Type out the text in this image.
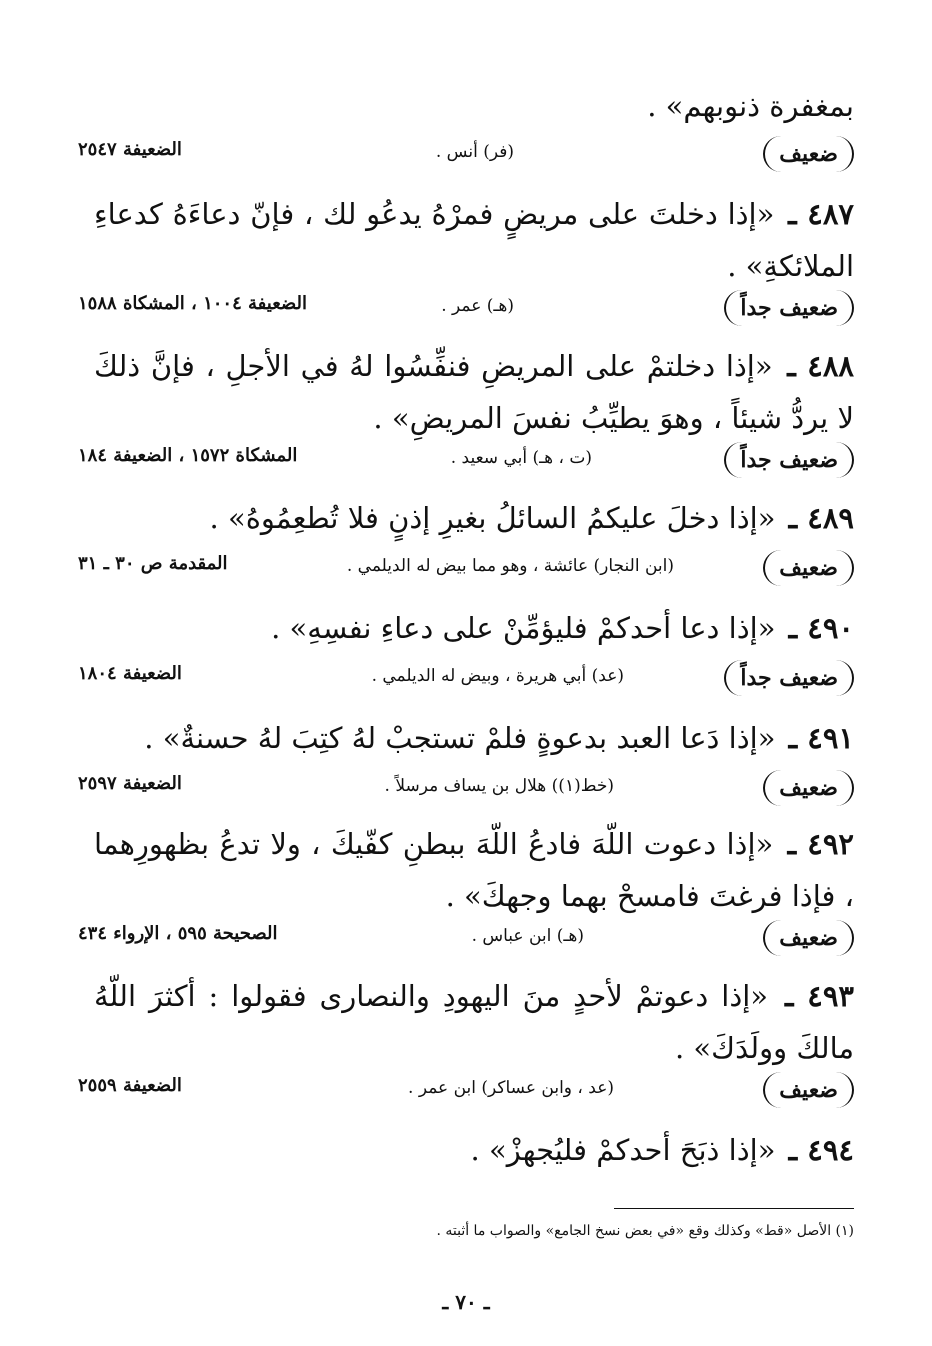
بمغفرة ذنوبهم» .
ضعيف
(فر) أنس .
الضعيفة ٢٥٤٧
٤٨٧ ـ «إذا دخلتَ على مريضٍ فمرْهُ يدعُو لك ، فإنّ دعاءَهُ كدعاءِ الملائكةِ» .
ضعيف جداً
(هـ) عمر .
الضعيفة ١٠٠٤ ، المشكاة ١٥٨٨
٤٨٨ ـ «إذا دخلتمْ على المريضِ فنفِّسُوا لهُ في الأجلِ ، فإنَّ ذلكَ لا يردُّ شيئاً ، وهوَ يطيِّبُ نفسَ المريضِ» .
ضعيف جداً
(ت ، هـ) أبي سعيد .
المشكاة ١٥٧٢ ، الضعيفة ١٨٤
٤٨٩ ـ «إذا دخلَ عليكمُ السائلُ بغيرِ إذنٍ فلا تُطعِمُوهُ» .
ضعيف
(ابن النجار) عائشة ، وهو مما بيض له الديلمي .
المقدمة ص ٣٠ ـ ٣١
٤٩٠ ـ «إذا دعا أحدكمْ فليؤمِّنْ على دعاءِ نفسِهِ» .
ضعيف جداً
(عد) أبي هريرة ، وبيض له الديلمي .
الضعيفة ١٨٠٤
٤٩١ ـ «إذا دَعا العبد بدعوةٍ فلمْ تستجبْ لهُ كتِبَ لهُ حسنةٌ» .
ضعيف
(خط(١)) هلال بن يساف مرسلاً .
الضعيفة ٢٥٩٧
٤٩٢ ـ «إذا دعوت اللّهَ فادعُ اللّهَ ببطنِ كفّيكَ ، ولا تدعُ بظهورِهما ، فإذا فرغتَ فامسحْ بهما وجهكَ» .
ضعيف
(هـ) ابن عباس .
الصحيحة ٥٩٥ ، الإرواء ٤٣٤
٤٩٣ ـ «إذا دعوتمْ لأحدٍ منَ اليهودِ والنصارى فقولوا : أكثرَ اللّهُ مالكَ وولَدَكَ» .
ضعيف
(عد ، وابن عساكر) ابن عمر .
الضعيفة ٢٥٥٩
٤٩٤ ـ «إذا ذبَحَ أحدكمْ فليُجهزْ» .
(١) الأصل «قط» وكذلك وقع «في بعض نسخ الجامع» والصواب ما أثبته .
ـ ٧٠ ـ
